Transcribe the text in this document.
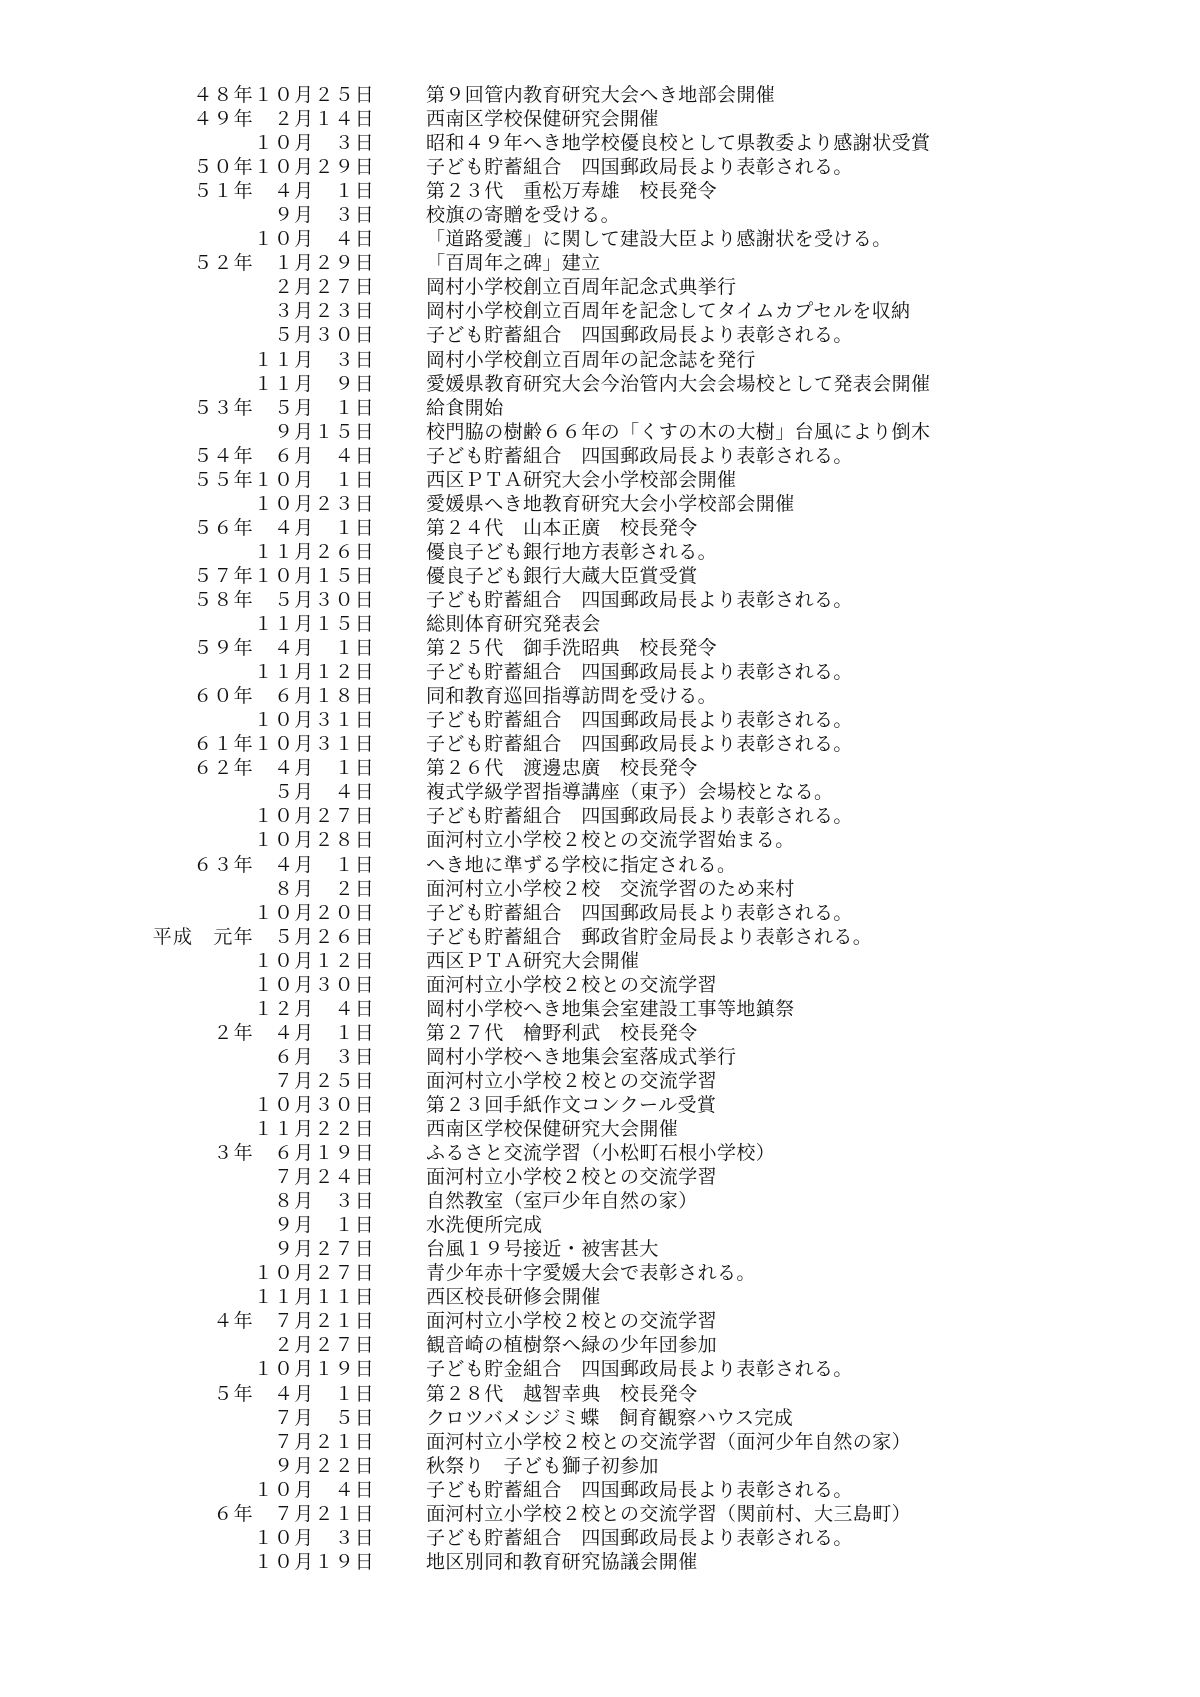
４８年１０月２５日	第９回管内教育研究大会へき地部会開催
４９年　２月１４日	西南区学校保健研究会開催
１０月　３日	昭和４９年へき地学校優良校として県教委より感謝状受賞
５０年１０月２９日	子ども貯蓄組合　四国郵政局長より表彰される。
５１年　４月　１日	第２３代　重松万寿雄　校長発令
９月　３日	校旗の寄贈を受ける。
１０月　４日	「道路愛護」に関して建設大臣より感謝状を受ける。
５２年　１月２９日	「百周年之碑」建立
２月２７日	岡村小学校創立百周年記念式典挙行
３月２３日	岡村小学校創立百周年を記念してタイムカプセルを収納
５月３０日	子ども貯蓄組合　四国郵政局長より表彰される。
１１月　３日	岡村小学校創立百周年の記念誌を発行
１１月　９日	愛媛県教育研究大会今治管内大会会場校として発表会開催
５３年　５月　１日	給食開始
９月１５日	校門脇の樹齢６６年の「くすの木の大樹」台風により倒木
５４年　６月　４日	子ども貯蓄組合　四国郵政局長より表彰される。
５５年１０月　１日	西区ＰＴＡ研究大会小学校部会開催
１０月２３日	愛媛県へき地教育研究大会小学校部会開催
５６年　４月　１日	第２４代　山本正廣　校長発令
１１月２６日	優良子ども銀行地方表彰される。
５７年１０月１５日	優良子ども銀行大蔵大臣賞受賞
５８年　５月３０日	子ども貯蓄組合　四国郵政局長より表彰される。
１１月１５日	総則体育研究発表会
５９年　４月　１日	第２５代　御手洗昭典　校長発令
１１月１２日	子ども貯蓄組合　四国郵政局長より表彰される。
６０年　６月１８日	同和教育巡回指導訪問を受ける。
１０月３１日	子ども貯蓄組合　四国郵政局長より表彰される。
６１年１０月３１日	子ども貯蓄組合　四国郵政局長より表彰される。
６２年　４月　１日	第２６代　渡邊忠廣　校長発令
５月　４日	複式学級学習指導講座（東予）会場校となる。
１０月２７日	子ども貯蓄組合　四国郵政局長より表彰される。
１０月２８日	面河村立小学校２校との交流学習始まる。
６３年　４月　１日	へき地に準ずる学校に指定される。
８月　２日	面河村立小学校２校　交流学習のため来村
１０月２０日	子ども貯蓄組合　四国郵政局長より表彰される。
平成　元年　５月２６日	子ども貯蓄組合　郵政省貯金局長より表彰される。
１０月１２日	西区ＰＴＡ研究大会開催
１０月３０日	面河村立小学校２校との交流学習
１２月　４日	岡村小学校へき地集会室建設工事等地鎮祭
２年　４月　１日	第２７代　檜野利武　校長発令
６月　３日	岡村小学校へき地集会室落成式挙行
７月２５日	面河村立小学校２校との交流学習
１０月３０日	第２３回手紙作文コンクール受賞
１１月２２日	西南区学校保健研究大会開催
３年　６月１９日	ふるさと交流学習（小松町石根小学校）
７月２４日	面河村立小学校２校との交流学習
８月　３日	自然教室（室戸少年自然の家）
９月　１日	水洗便所完成
９月２７日	台風１９号接近・被害甚大
１０月２７日	青少年赤十字愛媛大会で表彰される。
１１月１１日	西区校長研修会開催
４年　７月２１日	面河村立小学校２校との交流学習
２月２７日	観音崎の植樹祭へ緑の少年団参加
１０月１９日	子ども貯金組合　四国郵政局長より表彰される。
５年　４月　１日	第２８代　越智幸典　校長発令
７月　５日	クロツバメシジミ蝶　飼育観察ハウス完成
７月２１日	面河村立小学校２校との交流学習（面河少年自然の家）
９月２２日	秋祭り　子ども獅子初参加
１０月　４日	子ども貯蓄組合　四国郵政局長より表彰される。
６年　７月２１日	面河村立小学校２校との交流学習（関前村、大三島町）
１０月　３日	子ども貯蓄組合　四国郵政局長より表彰される。
１０月１９日	地区別同和教育研究協議会開催
